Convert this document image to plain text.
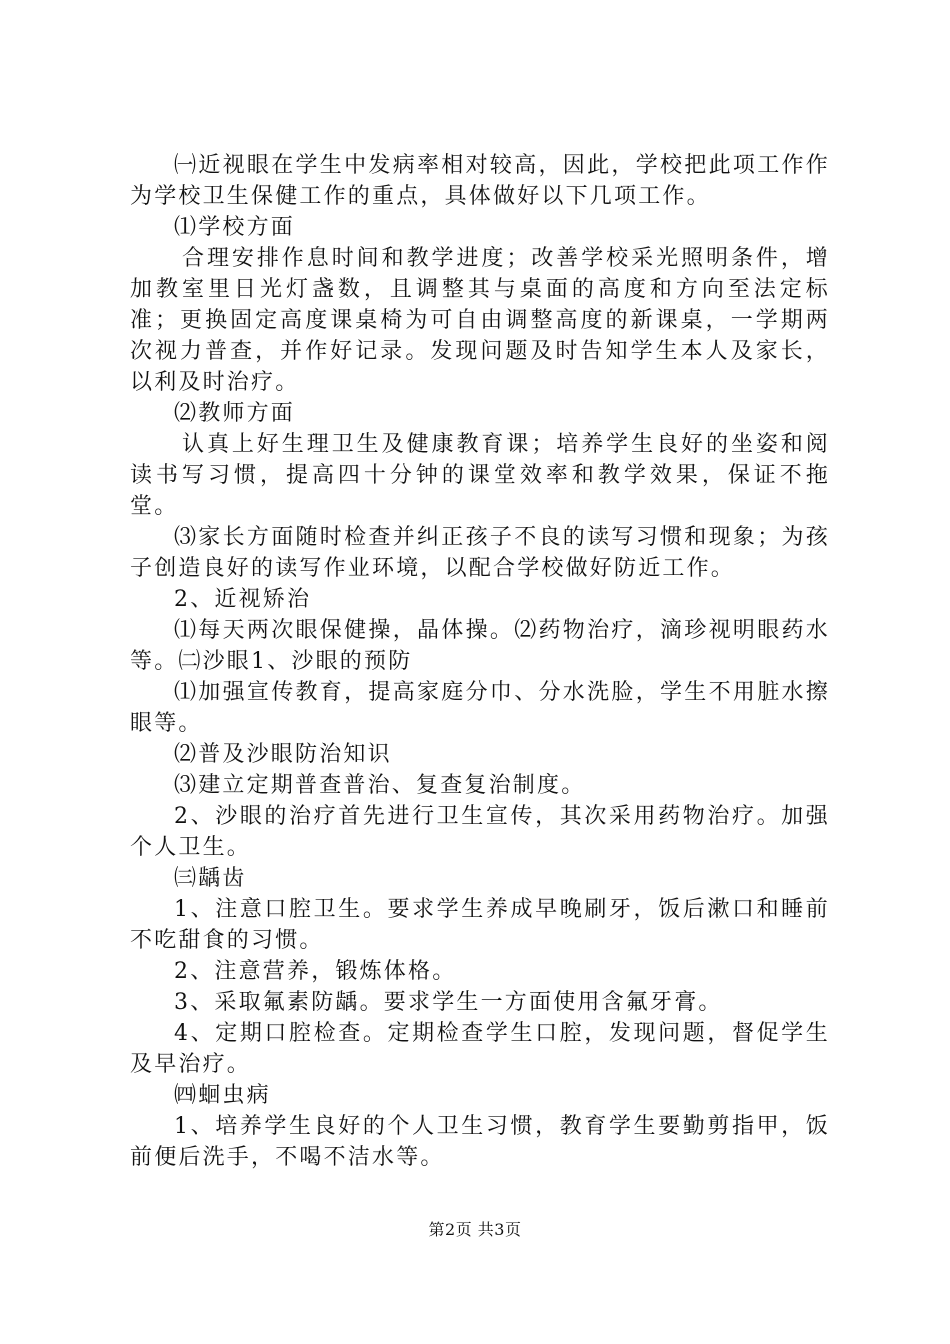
㈠近视眼在学生中发病率相对较高，因此，学校把此项工作作为学校卫生保健工作的重点，具体做好以下几项工作。

⑴学校方面

合理安排作息时间和教学进度；改善学校采光照明条件，增加教室里日光灯盏数，且调整其与桌面的高度和方向至法定标准；更换固定高度课桌椅为可自由调整高度的新课桌，一学期两次视力普查，并作好记录。发现问题及时告知学生本人及家长，以利及时治疗。

⑵教师方面

认真上好生理卫生及健康教育课；培养学生良好的坐姿和阅读书写习惯，提高四十分钟的课堂效率和教学效果，保证不拖堂。

⑶家长方面随时检查并纠正孩子不良的读写习惯和现象；为孩子创造良好的读写作业环境，以配合学校做好防近工作。

2、近视矫治

⑴每天两次眼保健操，晶体操。⑵药物治疗，滴珍视明眼药水等。㈡沙眼1、沙眼的预防

⑴加强宣传教育，提高家庭分巾、分水洗脸，学生不用脏水擦眼等。

⑵普及沙眼防治知识

⑶建立定期普查普治、复查复治制度。

2、沙眼的治疗首先进行卫生宣传，其次采用药物治疗。加强个人卫生。

㈢龋齿

1、注意口腔卫生。要求学生养成早晚刷牙，饭后漱口和睡前不吃甜食的习惯。

2、注意营养，锻炼体格。

3、采取氟素防龋。要求学生一方面使用含氟牙膏。

4、定期口腔检查。定期检查学生口腔，发现问题，督促学生及早治疗。

㈣蛔虫病

1、培养学生良好的个人卫生习惯，教育学生要勤剪指甲，饭前便后洗手，不喝不洁水等。

第2页 共3页
